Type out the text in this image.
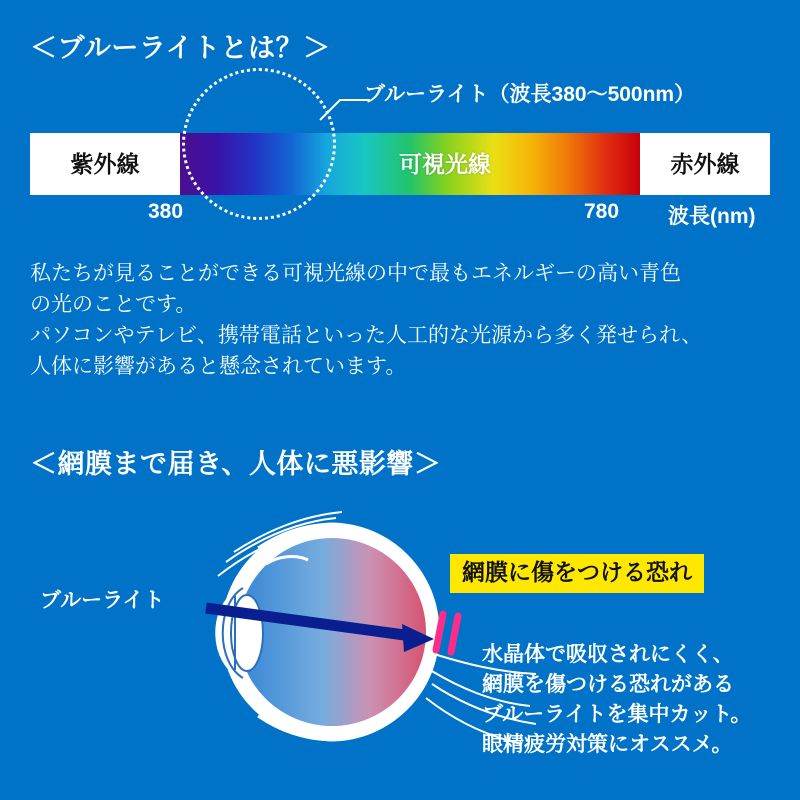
＜ブルーライトとは？＞
紫外線	可視光線	赤外線
ブルーライト（波長380〜500nm）
380	780 波長(nm)

私たちが見ることができる可視光線の中で最もエネルギーの高い青色

の光のことです。

パソコンやテレビ、携帯電話といった人工的な光源から多く発せられ、

人体に影響があると懸念されています。

＜網膜まで届き、人体に悪影響＞
ブルーライト
網膜に傷をつける恐れ

水晶体で吸収されにくく、

網膜を傷つける恐れがある

ブルーライトを集中カット。

眼精疲労対策にオススメ。
